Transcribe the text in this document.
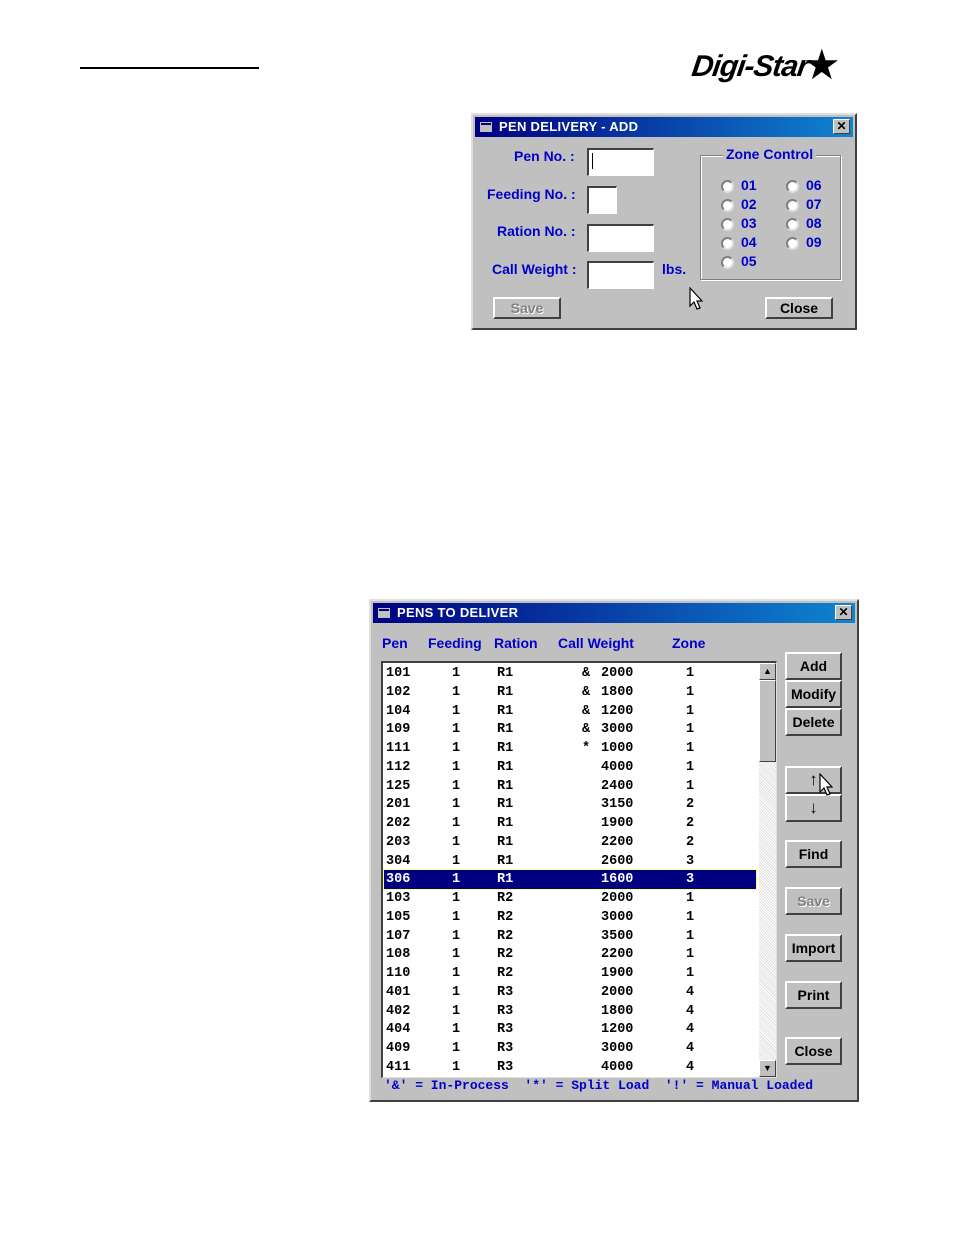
Digi-Star
★
PEN DELIVERY - ADD	✕
Pen No. :
Feeding No. :
Ration No. :
Call Weight :	lbs.
Zone Control
01
02
03
04
05
06
07
08
09
Save	Close
PENS TO DELIVER	✕
Pen Feeding Ration Call Weight	Zone
411	1	R3	4000	4
409	1	R3	3000	4
404	1	R3	1200	4
402	1	R3	1800	4
401	1	R3	2000	4
110	1	R2	1900	1
108	1	R2	2200	1
107	1	R2	3500	1
105	1	R2	3000	1
103	1	R2	2000	1
306	1	R1	1600	3
304	1	R1	2600	3
203	1	R1	2200	2
202	1	R1	1900	2
201	1	R1	3150	2
125	1	R1	2400	1
112	1	R1	4000	1
111	1	R1	* 1000	1
109	1	R1	& 3000	1
104	1	R1	& 1200	1
102	1	R1	& 1800	1
101	1	R1	& 2000	1	▲
▼
Add
Modify
Delete
↑
↓
Find
Save
Import
Print
Close
'&' = In-Process  '*' = Split Load  '!' = Manual Loaded
